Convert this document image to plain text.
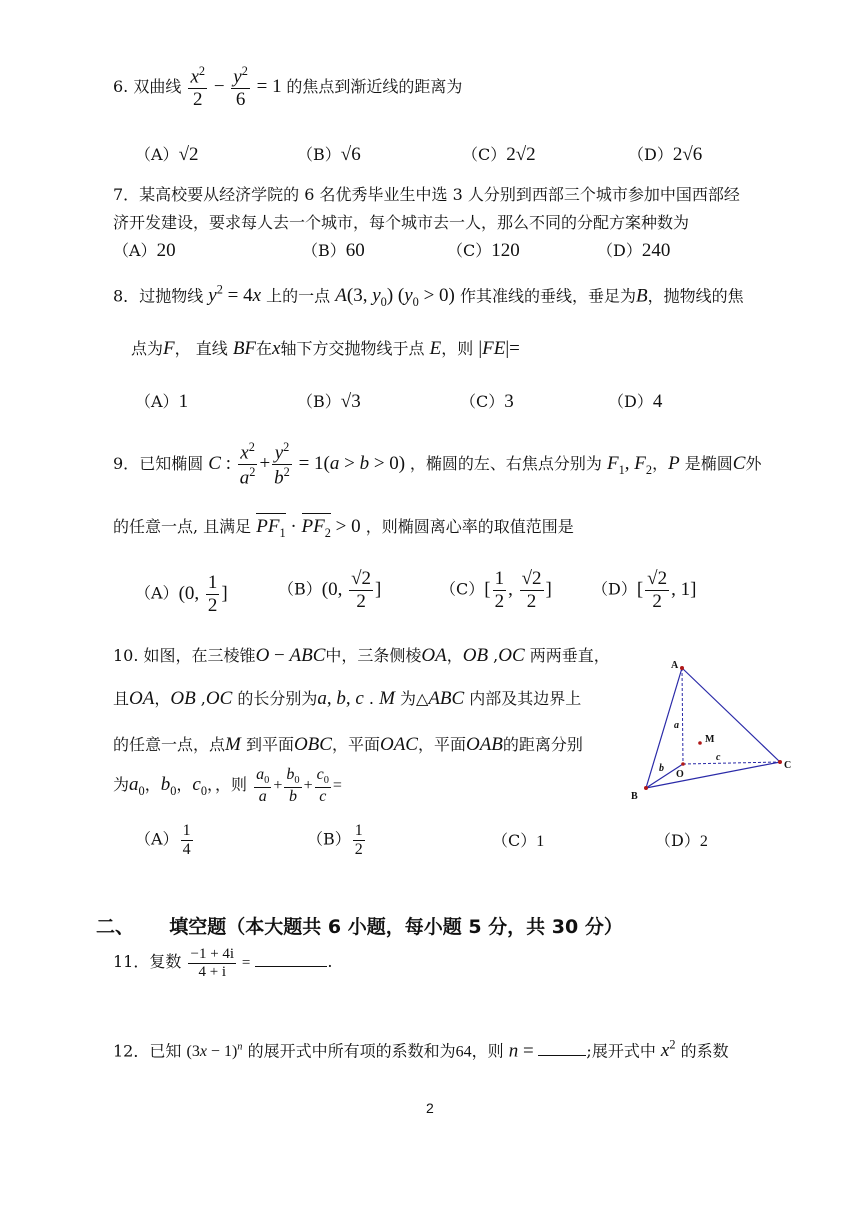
6. 双曲线 $\frac{x^2}{2} - \frac{y^2}{6} = 1$ 的焦点到渐近线的距离为
（A）√2	（B）√6	（C）2√2	（D）2√6
7．某高校要从经济学院的 6 名优秀毕业生中选 3 人分别到西部三个城市参加中国西部经
济开发建设，要求每人去一个城市，每个城市去一人，那么不同的分配方案种数为
（A）20	（B）60	（C）120	（D）240
8．过抛物线 $y^2 = 4x$ 上的一点 A(3, $y_0$) $(y_0 > 0)$ 作其准线的垂线，垂足为B，抛物线的焦
点为F， 直线 BF在x轴下方交抛物线于点 E，则 |FE|=
（A）1	（B）√3	（C）3	（D）4
9．已知椭圆 C : $\frac{x^2}{a^2} + \frac{y^2}{b^2} = 1(a > b > 0)$ ，椭圆的左、右焦点分别为 $F_1$, $F_2$，P 是椭圆C外
的任意一点, 且满足 $PF_1 \cdot PF_2 > 0$ ，则椭圆离心率的取值范围是
（A）(0, $\frac{1}{2}$ ]	（B）(0, $\frac{√2}{2}$ ]	$(C)[ \frac{1}{2}$ , $\frac{√2}{2}$ ]	$(D)[ \frac{√2}{2}$ , 1]
10. 如图，在三棱锥O − ABC中，三条侧棱OA，OB ,OC 两两垂直，
且OA，OB ,OC 的长分别为a, b, c . M 为△ABC 内部及其边界上
的任意一点，点M 到平面OBC，平面OAC，平面OAB的距离分别
为$a_0$，$b_0$，$c_0$，，则 $\frac{a_0}{a} + \frac{b_0}{b} + \frac{c_0}{c}$ =
$(A) \frac{1}{4}$	$(B) \frac{1}{2}$	（C）1	（D）2
A
B
C
O
M
a
b
c
二、 填空题（本大题共 6 小题，每小题 5 分，共 30 分）
11．复数 $\frac{-1 + 4i}{4 + i}$ =	.
12．已知 $(3x - 1)^n$ 的展开式中所有项的系数和为64，则 n =	;展开式中 $x^2$ 的系数
2
